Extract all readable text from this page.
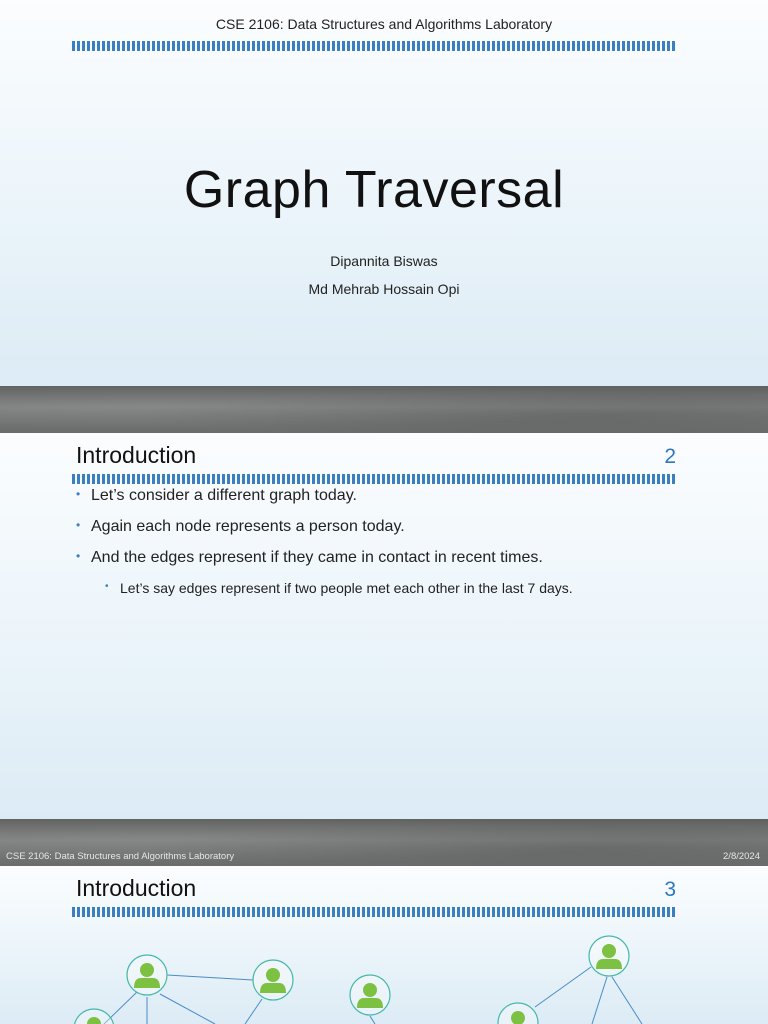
CSE 2106: Data Structures and Algorithms Laboratory
Graph Traversal
Dipannita Biswas
Md Mehrab Hossain Opi
Introduction	2
• Let’s consider a different graph today.
• Again each node represents a person today.
• And the edges represent if they came in contact in recent times.
• Let’s say edges represent if two people met each other in the last 7 days.
CSE 2106: Data Structures and Algorithms Laboratory	2/8/2024
Introduction	3
